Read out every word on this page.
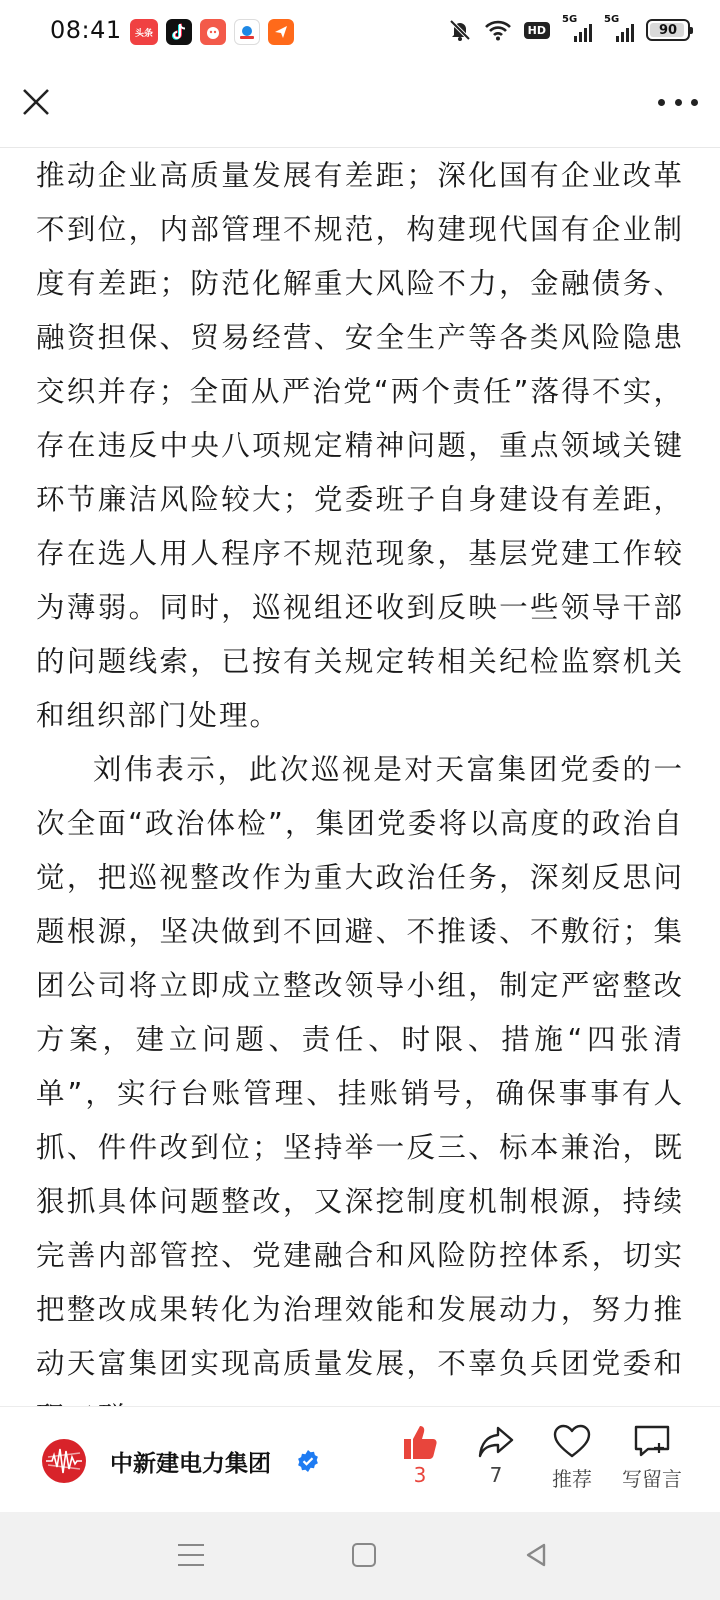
08:41 头条	HD
5G	5G
90

推动企业高质量发展有差距；深化国有企业改革不到位，内部管理不规范，构建现代国有企业制度有差距；防范化解重大风险不力，金融债务、融资担保、贸易经营、安全生产等各类风险隐患交织并存；全面从严治党“两个责任”落得不实，存在违反中央八项规定精神问题，重点领域关键环节廉洁风险较大；党委班子自身建设有差距，存在选人用人程序不规范现象，基层党建工作较为薄弱。同时，巡视组还收到反映一些领导干部的问题线索，已按有关规定转相关纪检监察机关和组织部门处理。

刘伟表示，此次巡视是对天富集团党委的一次全面“政治体检”，集团党委将以高度的政治自觉，把巡视整改作为重大政治任务，深刻反思问题根源，坚决做到不回避、不推诿、不敷衍；集团公司将立即成立整改领导小组，制定严密整改方案，建立问题、责任、时限、措施“四张清单”，实行台账管理、挂账销号，确保事事有人抓、件件改到位；坚持举一反三、标本兼治，既狠抓具体问题整改，又深挖制度机制根源，持续完善内部管控、党建融合和风险防控体系，切实把整改成果转化为治理效能和发展动力，努力推动天富集团实现高质量发展，不辜负兵团党委和

中新建电力集团	3	7	推荐	写留言
